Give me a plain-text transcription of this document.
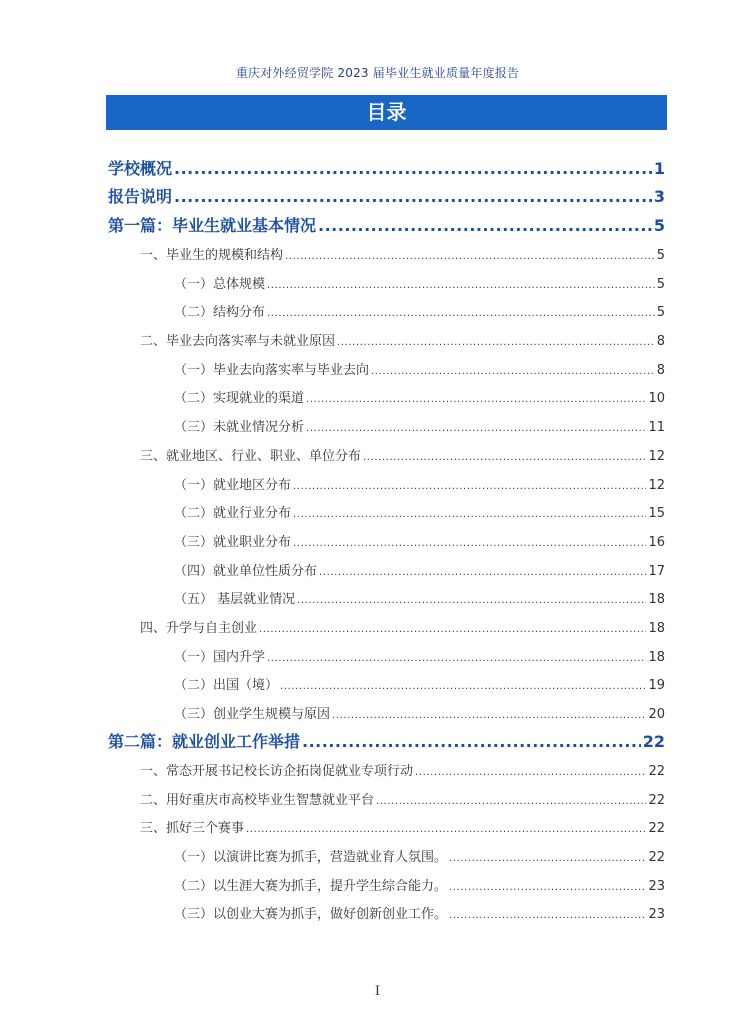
重庆对外经贸学院 2023 届毕业生就业质量年度报告
目录
学校概况 .....	1
报告说明 .....	3
第一篇：毕业生就业基本情况 .....	5
一、毕业生的规模和结构 .....	5
（一）总体规模 .....	5
（二）结构分布 .....	5
二、毕业去向落实率与未就业原因 .....	8
（一）毕业去向落实率与毕业去向 .....	8
（二）实现就业的渠道 .....	10
（三）未就业情况分析 .....	11
三、就业地区、行业、职业、单位分布 .....	12
（一）就业地区分布 .....	12
（二）就业行业分布 .....	15
（三）就业职业分布 .....	16
（四）就业单位性质分布 .....	17
（五） 基层就业情况 .....	18
四、升学与自主创业 .....	18
（一）国内升学 .....	18
（二）出国（境） .....	19
（三）创业学生规模与原因 .....	20
第二篇：就业创业工作举措 .....	22
一、常态开展书记校长访企拓岗促就业专项行动 .....	22
二、用好重庆市高校毕业生智慧就业平台 .....	22
三、抓好三个赛事 .....	22
（一）以演讲比赛为抓手，营造就业育人氛围。 .....	22
（二）以生涯大赛为抓手，提升学生综合能力。 .....	23
（三）以创业大赛为抓手，做好创新创业工作。 .....	23
I
